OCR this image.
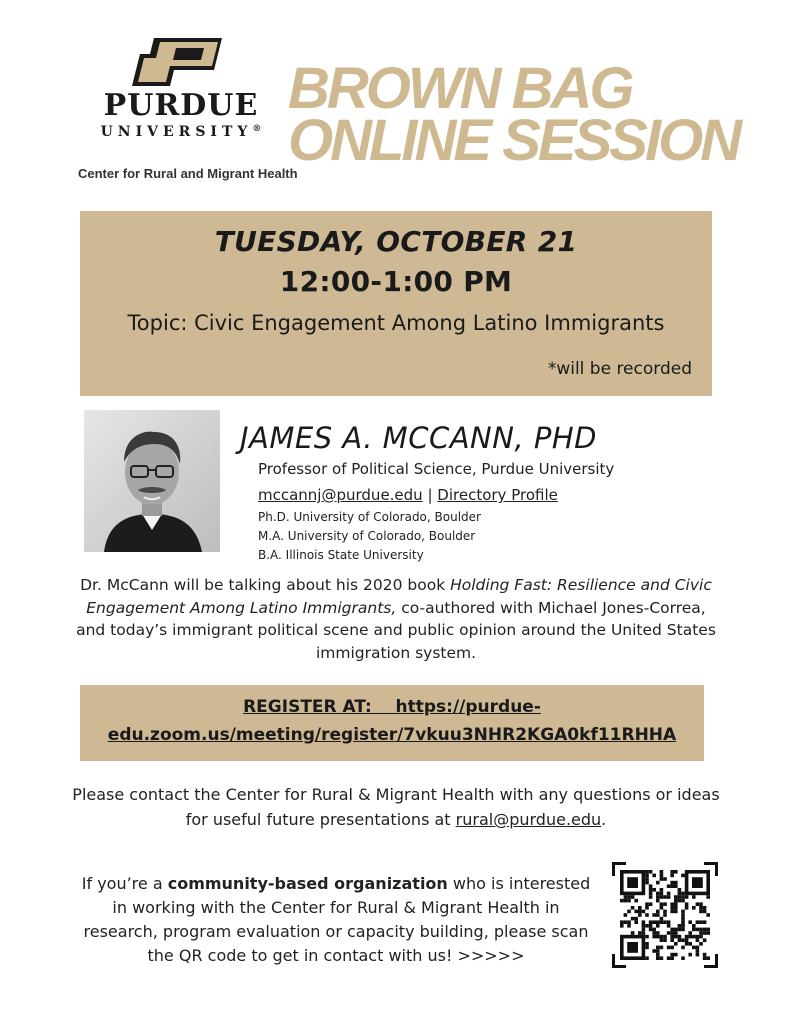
PURDUE
UNIVERSITY®
Center for Rural and Migrant Health
BROWN BAG
ONLINE SESSION
TUESDAY, OCTOBER 21
12:00-1:00 PM
Topic: Civic Engagement Among Latino Immigrants
*will be recorded
JAMES A. MCCANN, PHD
Professor of Political Science, Purdue University
mccannj@purdue.edu | Directory Profile
Ph.D. University of Colorado, Boulder
M.A. University of Colorado, Boulder
B.A. Illinois State University
Dr. McCann will be talking about his 2020 book Holding Fast: Resilience and Civic Engagement Among Latino Immigrants, co-authored with Michael Jones-Correa, and today’s immigrant political scene and public opinion around the United States immigration system.
REGISTER AT:    https://purdue-
edu.zoom.us/meeting/register/7vkuu3NHR2KGA0kf11RHHA
Please contact the Center for Rural & Migrant Health with any questions or ideas for useful future presentations at rural@purdue.edu.
If you’re a community-based organization who is interested in working with the Center for Rural & Migrant Health in research, program evaluation or capacity building, please scan the QR code to get in contact with us! >>>>>
